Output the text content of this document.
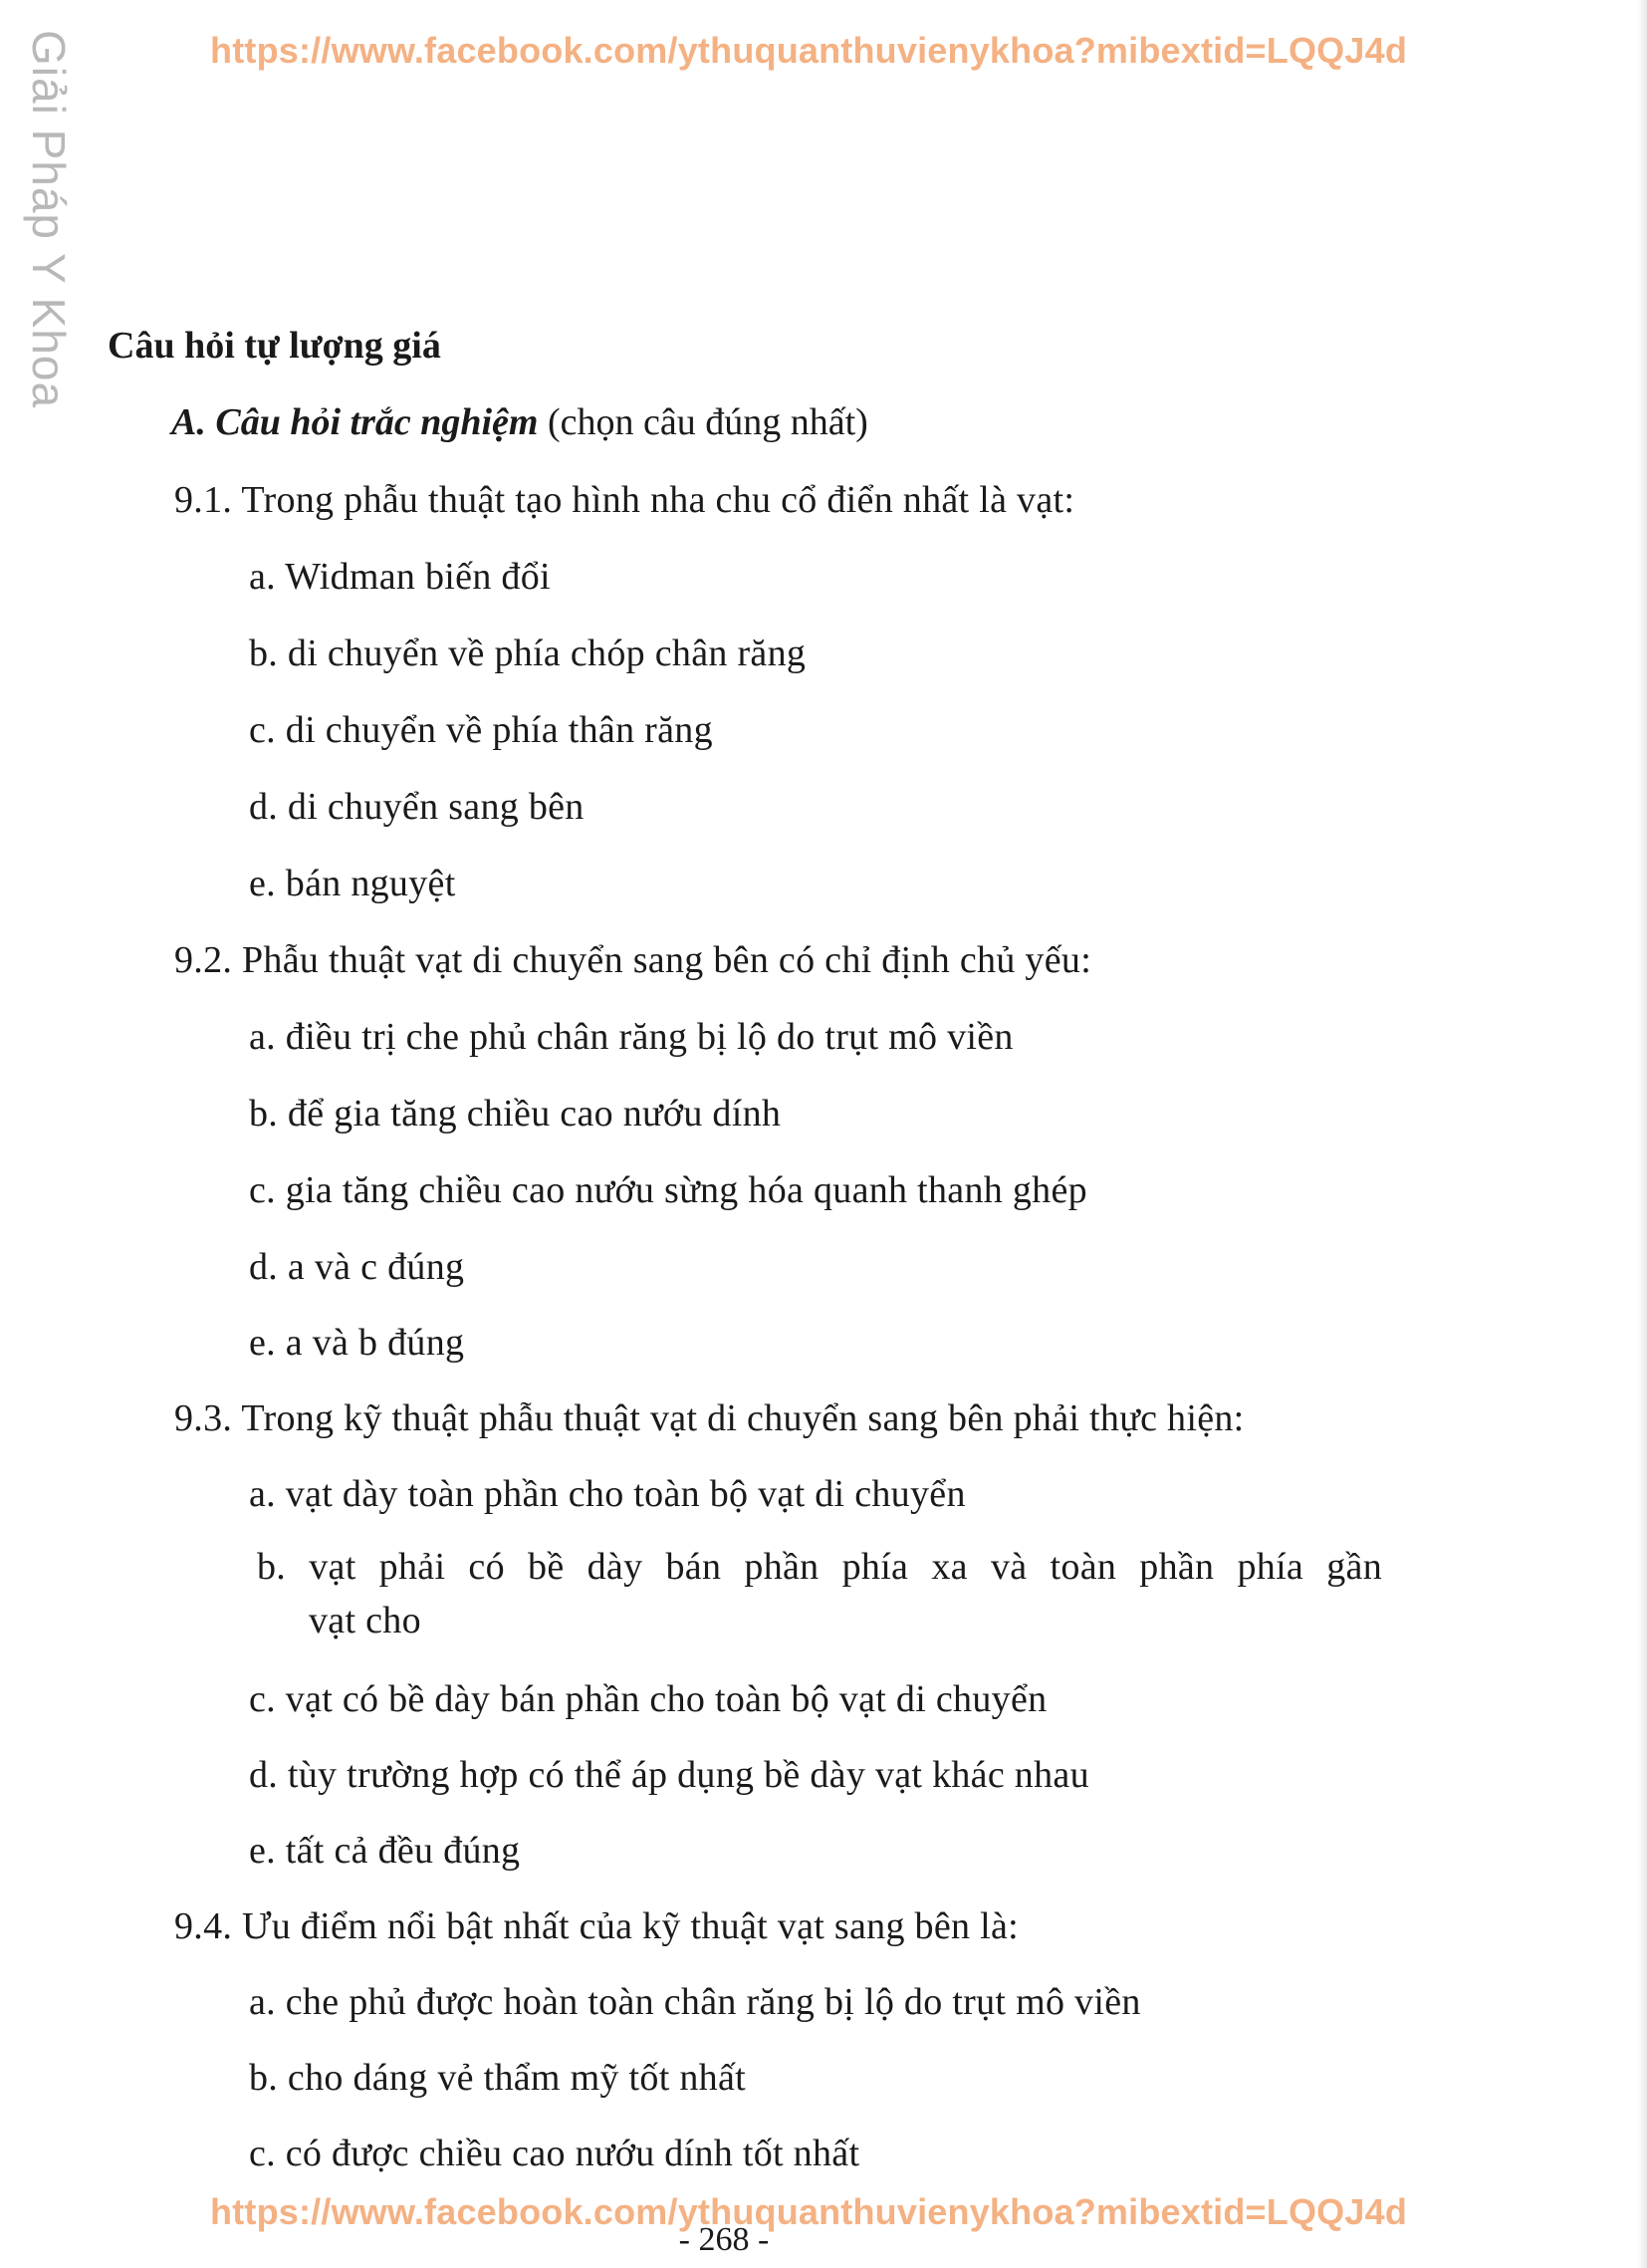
https://www.facebook.com/ythuquanthuvienykhoa?mibextid=LQQJ4d
Giải Pháp Y Khoa Câu hỏi tự lượng giá
A. Câu hỏi trắc nghiệm (chọn câu đúng nhất)
9.1. Trong phẫu thuật tạo hình nha chu cổ điển nhất là vạt:
a. Widman biến đổi
b. di chuyển về phía chóp chân răng
c. di chuyển về phía thân răng
d. di chuyển sang bên
e. bán nguyệt
9.2. Phẫu thuật vạt di chuyển sang bên có chỉ định chủ yếu:
a. điều trị che phủ chân răng bị lộ do trụt mô viền
b. để gia tăng chiều cao nướu dính
c. gia tăng chiều cao nướu sừng hóa quanh thanh ghép
d. a và c đúng
e. a và b đúng
9.3. Trong kỹ thuật phẫu thuật vạt di chuyển sang bên phải thực hiện:
a. vạt dày toàn phần cho toàn bộ vạt di chuyển
b. vạt phải có bề dày bán phần phía xa và toàn phần phía gần
vạt cho
c. vạt có bề dày bán phần cho toàn bộ vạt di chuyển
d. tùy trường hợp có thể áp dụng bề dày vạt khác nhau
e. tất cả đều đúng
9.4. Ưu điểm nổi bật nhất của kỹ thuật vạt sang bên là:
a. che phủ được hoàn toàn chân răng bị lộ do trụt mô viền
b. cho dáng vẻ thẩm mỹ tốt nhất
c. có được chiều cao nướu dính tốt nhất
https://www.facebook.com/ythuquanthuvienykhoa?mibextid=LQQJ4d
- 268 -
